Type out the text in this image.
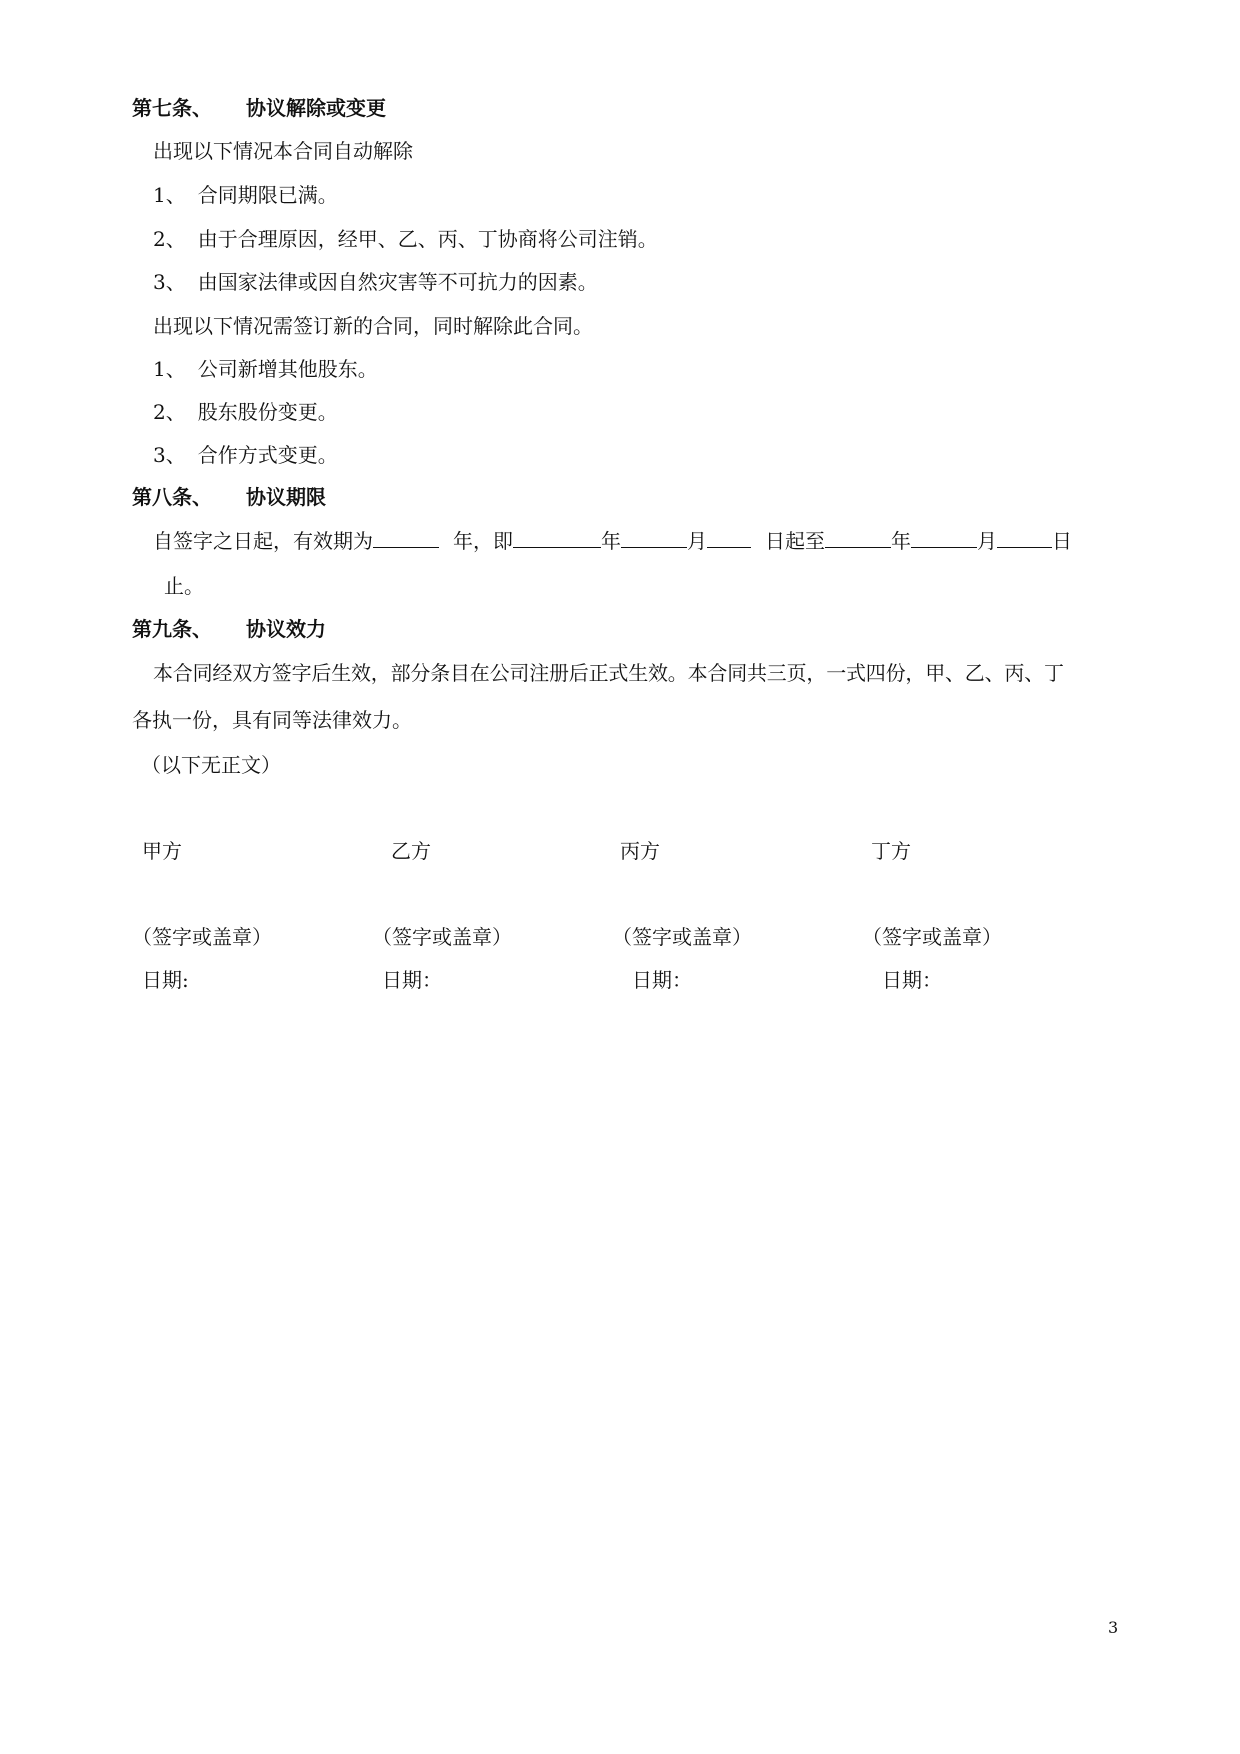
第七条、 协议解除或变更
出现以下情况本合同自动解除
1、 合同期限已满。
2、 由于合理原因，经甲、乙、丙、丁协商将公司注销。
3、 由国家法律或因自然灾害等不可抗力的因素。
出现以下情况需签订新的合同，同时解除此合同。
1、 公司新增其他股东。
2、 股东股份变更。
3、 合作方式变更。
第八条、 协议期限
自签字之日起，有效期为	年，即	年	月	日起至	年	月	日
止。
第九条、 协议效力
本合同经双方签字后生效，部分条目在公司注册后正式生效。本合同共三页，一式四份，甲、乙、丙、丁
各执一份，具有同等法律效力。
（以下无正文）
甲方	乙方	丙方	丁方
（签字或盖章）	（签字或盖章）	（签字或盖章）	（签字或盖章）
日期:	日期：	日期：	日期：
3
